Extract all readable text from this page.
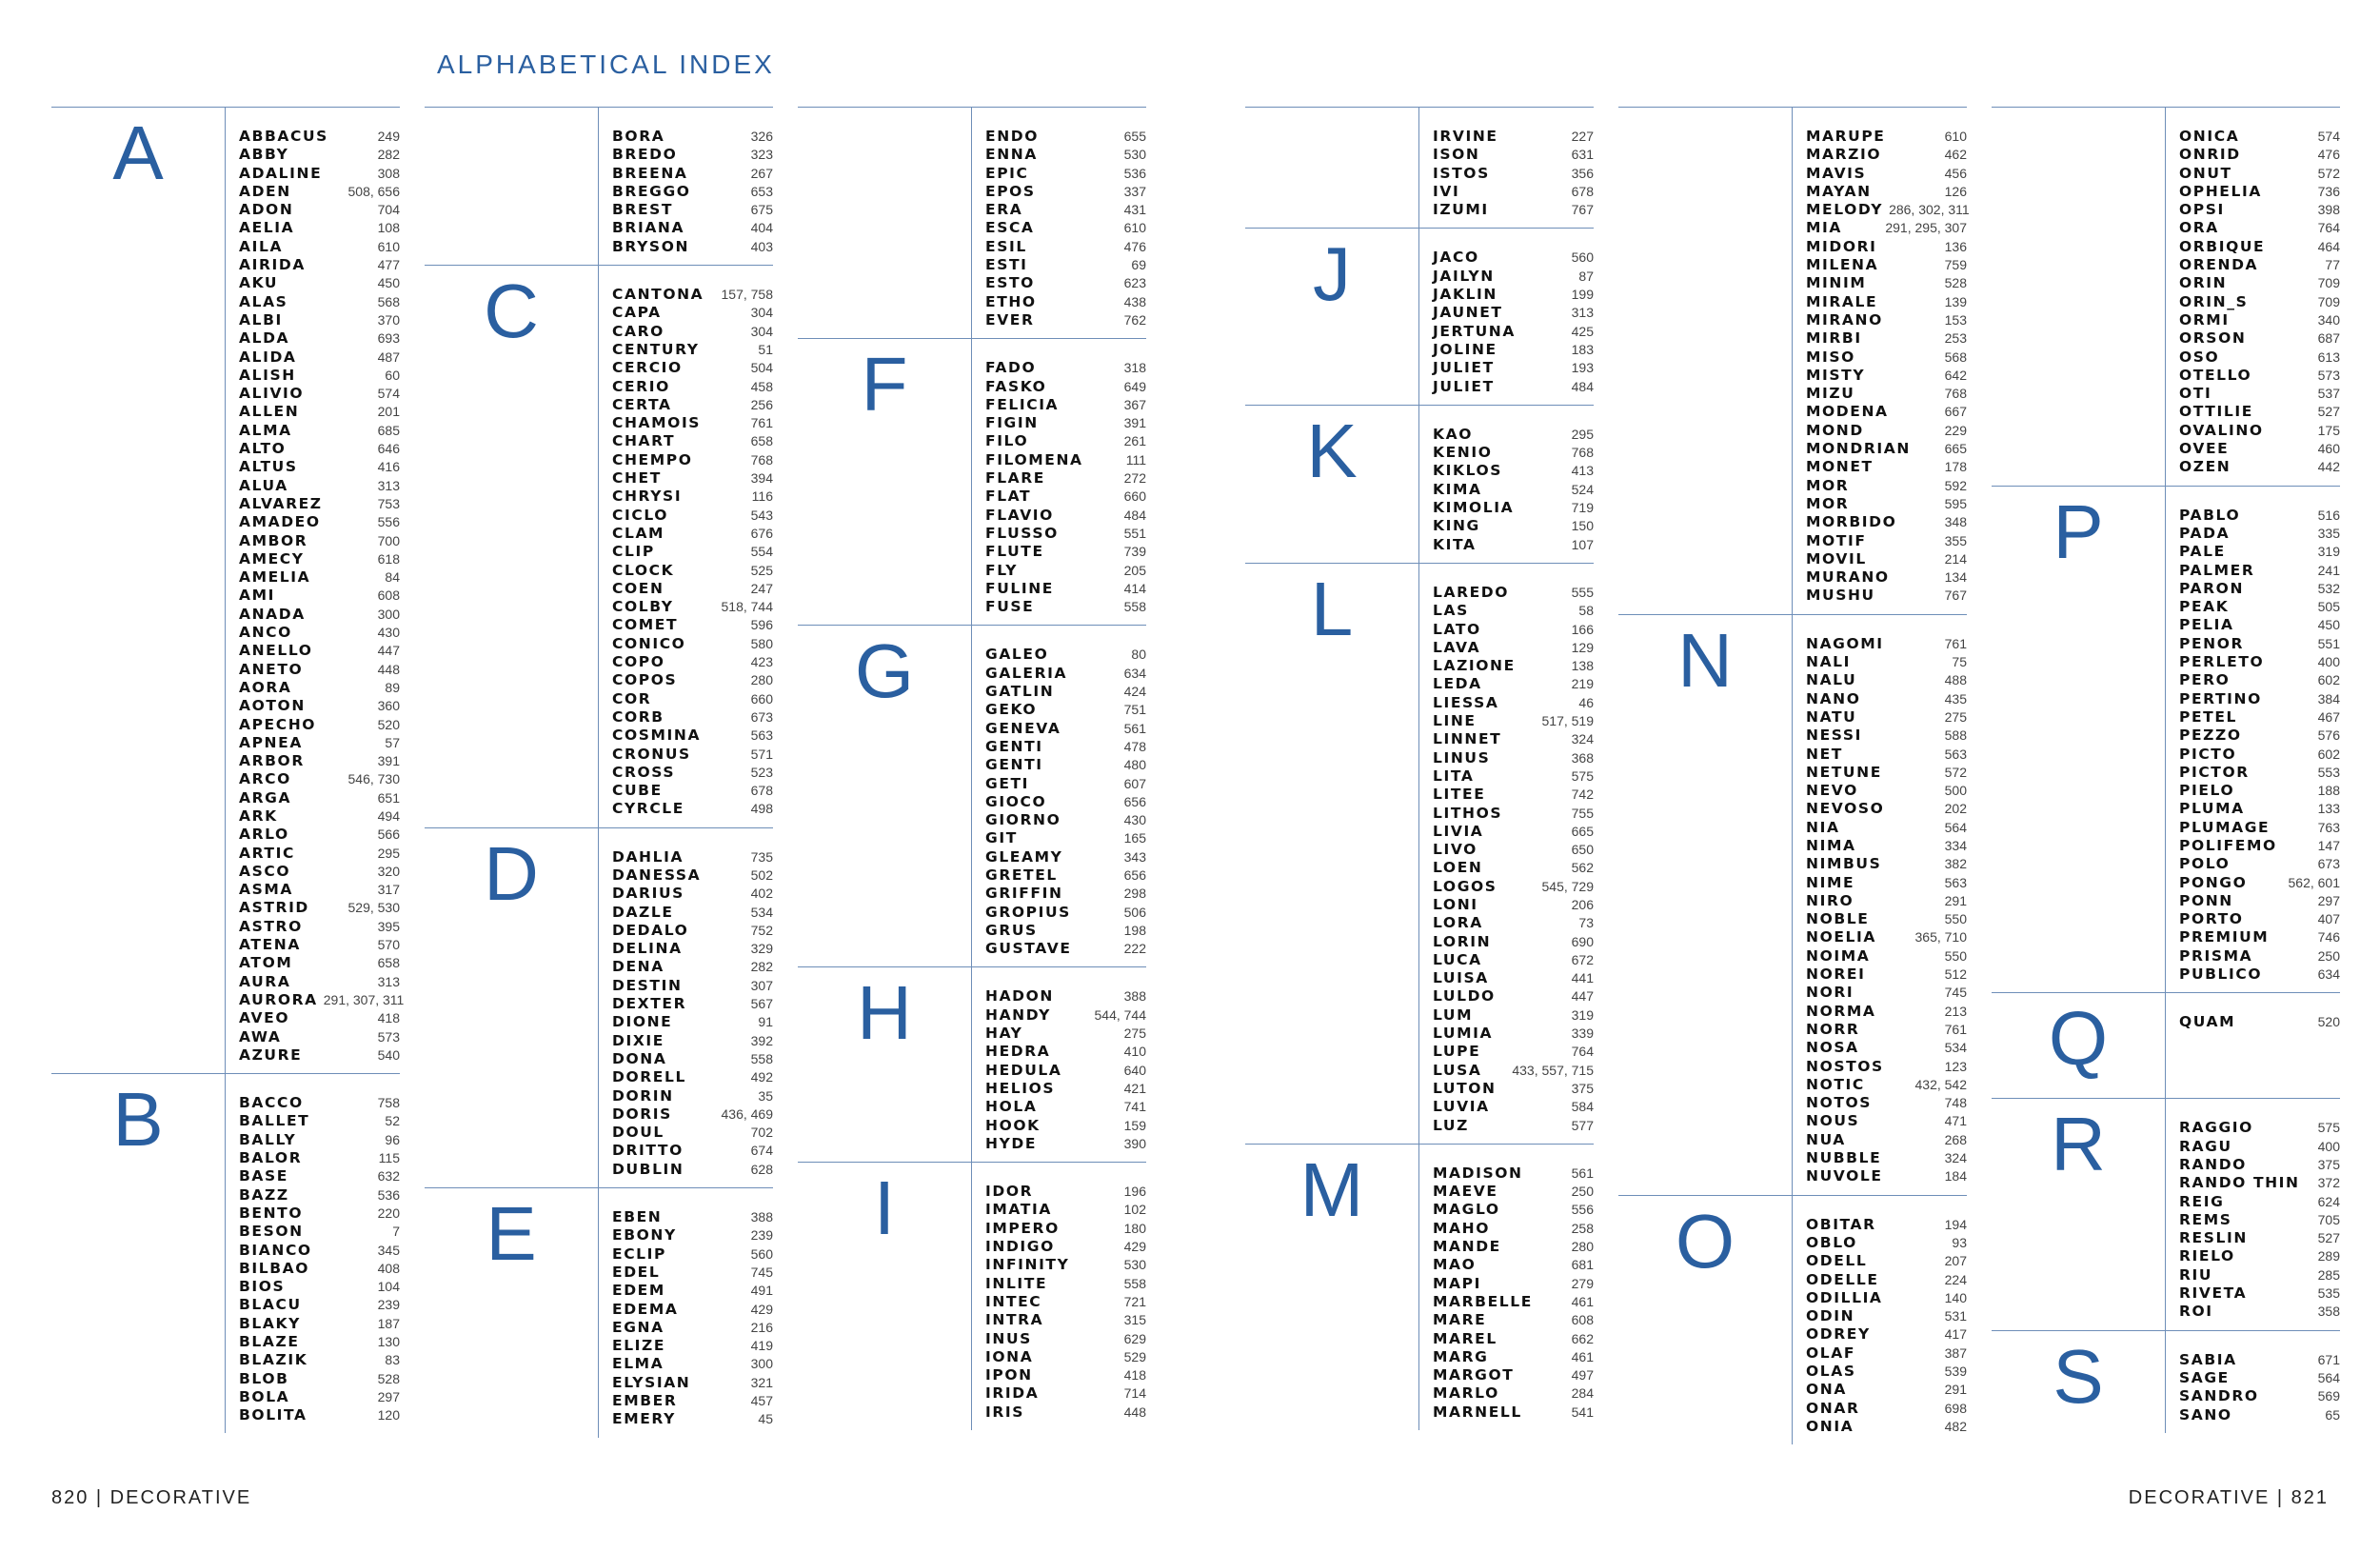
ALPHABETICAL INDEX
820 | DECORATIVE	DECORATIVE | 821
A	ABBACUS	249
ABBY	282
ADALINE	308
ADEN	508, 656
ADON	704
AELIA	108
AILA	610
AIRIDA	477
AKU	450
ALAS	568
ALBI	370
ALDA	693
ALIDA	487
ALISH	60
ALIVIO	574
ALLEN	201
ALMA	685
ALTO	646
ALTUS	416
ALUA	313
ALVAREZ	753
AMADEO	556
AMBOR	700
AMECY	618
AMELIA	84
AMI	608
ANADA	300
ANCO	430
ANELLO	447
ANETO	448
AORA	89
AOTON	360
APECHO	520
APNEA	57
ARBOR	391
ARCO	546, 730
ARGA	651
ARK	494
ARLO	566
ARTIC	295
ASCO	320
ASMA	317
ASTRID	529, 530
ASTRO	395
ATENA	570
ATOM	658
AURA	313
AURORA 291, 307, 311
AVEO	418
AWA	573
AZURE	540
B	BACCO	758
BALLET	52
BALLY	96
BALOR	115
BASE	632
BAZZ	536
BENTO	220
BESON	7
BIANCO	345
BILBAO	408
BIOS	104
BLACU	239
BLAKY	187
BLAZE	130
BLAZIK	83
BLOB	528
BOLA	297
BOLITA	120
BORA	326
BREDO	323
BREENA	267
BREGGO	653
BREST	675
BRIANA	404
BRYSON	403
C	CANTONA	157, 758
CAPA	304
CARO	304
CENTURY	51
CERCIO	504
CERIO	458
CERTA	256
CHAMOIS	761
CHART	658
CHEMPO	768
CHET	394
CHRYSI	116
CICLO	543
CLAM	676
CLIP	554
CLOCK	525
COEN	247
COLBY	518, 744
COMET	596
CONICO	580
COPO	423
COPOS	280
COR	660
CORB	673
COSMINA	563
CRONUS	571
CROSS	523
CUBE	678
CYRCLE	498
D	DAHLIA	735
DANESSA	502
DARIUS	402
DAZLE	534
DEDALO	752
DELINA	329
DENA	282
DESTIN	307
DEXTER	567
DIONE	91
DIXIE	392
DONA	558
DORELL	492
DORIN	35
DORIS	436, 469
DOUL	702
DRITTO	674
DUBLIN	628
E	EBEN	388
EBONY	239
ECLIP	560
EDEL	745
EDEM	491
EDEMA	429
EGNA	216
ELIZE	419
ELMA	300
ELYSIAN	321
EMBER	457
EMERY	45
ENDO	655
ENNA	530
EPIC	536
EPOS	337
ERA	431
ESCA	610
ESIL	476
ESTI	69
ESTO	623
ETHO	438
EVER	762
F	FADO	318
FASKO	649
FELICIA	367
FIGIN	391
FILO	261
FILOMENA	111
FLARE	272
FLAT	660
FLAVIO	484
FLUSSO	551
FLUTE	739
FLY	205
FULINE	414
FUSE	558
G	GALEO	80
GALERIA	634
GATLIN	424
GEKO	751
GENEVA	561
GENTI	478
GENTI	480
GETI	607
GIOCO	656
GIORNO	430
GIT	165
GLEAMY	343
GRETEL	656
GRIFFIN	298
GROPIUS	506
GRUS	198
GUSTAVE	222
H	HADON	388
HANDY	544, 744
HAY	275
HEDRA	410
HEDULA	640
HELIOS	421
HOLA	741
HOOK	159
HYDE	390
I	IDOR	196
IMATIA	102
IMPERO	180
INDIGO	429
INFINITY	530
INLITE	558
INTEC	721
INTRA	315
INUS	629
IONA	529
IPON	418
IRIDA	714
IRIS	448
IRVINE	227
ISON	631
ISTOS	356
IVI	678
IZUMI	767
J	JACO	560
JAILYN	87
JAKLIN	199
JAUNET	313
JERTUNA	425
JOLINE	183
JULIET	193
JULIET	484
K	KAO	295
KENIO	768
KIKLOS	413
KIMA	524
KIMOLIA	719
KING	150
KITA	107
L	LAREDO	555
LAS	58
LATO	166
LAVA	129
LAZIONE	138
LEDA	219
LIESSA	46
LINE	517, 519
LINNET	324
LINUS	368
LITA	575
LITEE	742
LITHOS	755
LIVIA	665
LIVO	650
LOEN	562
LOGOS	545, 729
LONI	206
LORA	73
LORIN	690
LUCA	672
LUISA	441
LULDO	447
LUM	319
LUMIA	339
LUPE	764
LUSA	433, 557, 715
LUTON	375
LUVIA	584
LUZ	577
M	MADISON	561
MAEVE	250
MAGLO	556
MAHO	258
MANDE	280
MAO	681
MAPI	279
MARBELLE	461
MARE	608
MAREL	662
MARG	461
MARGOT	497
MARLO	284
MARNELL	541
MARUPE	610
MARZIO	462
MAVIS	456
MAYAN	126
MELODY 286, 302, 311
MIA	291, 295, 307
MIDORI	136
MILENA	759
MINIM	528
MIRALE	139
MIRANO	153
MIRBI	253
MISO	568
MISTY	642
MIZU	768
MODENA	667
MOND	229
MONDRIAN	665
MONET	178
MOR	592
MOR	595
MORBIDO	348
MOTIF	355
MOVIL	214
MURANO	134
MUSHU	767
N	NAGOMI	761
NALI	75
NALU	488
NANO	435
NATU	275
NESSI	588
NET	563
NETUNE	572
NEVO	500
NEVOSO	202
NIA	564
NIMA	334
NIMBUS	382
NIME	563
NIRO	291
NOBLE	550
NOELIA	365, 710
NOIMA	550
NOREI	512
NORI	745
NORMA	213
NORR	761
NOSA	534
NOSTOS	123
NOTIC	432, 542
NOTOS	748
NOUS	471
NUA	268
NUBBLE	324
NUVOLE	184
O	OBITAR	194
OBLO	93
ODELL	207
ODELLE	224
ODILLIA	140
ODIN	531
ODREY	417
OLAF	387
OLAS	539
ONA	291
ONAR	698
ONIA	482
ONICA	574
ONRID	476
ONUT	572
OPHELIA	736
OPSI	398
ORA	764
ORBIQUE	464
ORENDA	77
ORIN	709
ORIN_S	709
ORMI	340
ORSON	687
OSO	613
OTELLO	573
OTI	537
OTTILIE	527
OVALINO	175
OVEE	460
OZEN	442
P	PABLO	516
PADA	335
PALE	319
PALMER	241
PARON	532
PEAK	505
PELIA	450
PENOR	551
PERLETO	400
PERO	602
PERTINO	384
PETEL	467
PEZZO	576
PICTO	602
PICTOR	553
PIELO	188
PLUMA	133
PLUMAGE	763
POLIFEMO	147
POLO	673
PONGO	562, 601
PONN	297
PORTO	407
PREMIUM	746
PRISMA	250
PUBLICO	634
Q	QUAM	520
R	RAGGIO	575
RAGU	400
RANDO	375
RANDO THIN	372
REIG	624
REMS	705
RESLIN	527
RIELO	289
RIU	285
RIVETA	535
ROI	358
S	SABIA	671
SAGE	564
SANDRO	569
SANO	65
